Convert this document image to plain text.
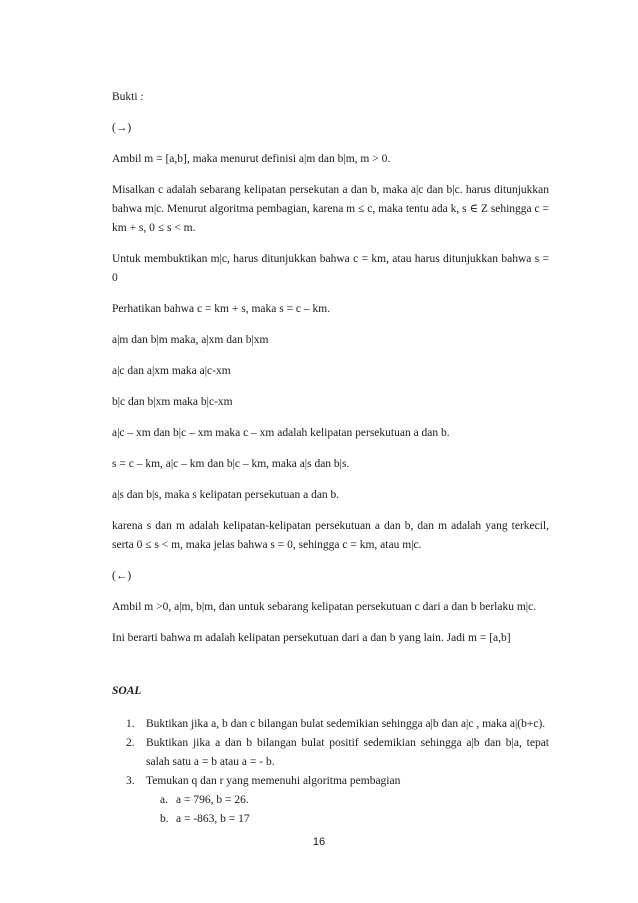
Bukti :

(→)

Ambil m = [a,b], maka menurut definisi a|m dan b|m, m > 0.

Misalkan c adalah sebarang kelipatan persekutan a dan b, maka a|c dan b|c. harus ditunjukkan bahwa m|c. Menurut algoritma pembagian, karena m ≤ c, maka tentu ada k, s ∈ Z sehingga c = km + s, 0 ≤ s < m.

Untuk membuktikan m|c, harus ditunjukkan bahwa c = km, atau harus ditunjukkan bahwa s = 0

Perhatikan bahwa c = km + s, maka s = c – km.

a|m dan b|m maka, a|xm dan b|xm

a|c dan a|xm maka a|c-xm

b|c dan b|xm maka b|c-xm

a|c – xm dan b|c – xm maka c – xm adalah kelipatan persekutuan a dan b.

s = c – km, a|c – km dan b|c – km, maka a|s dan b|s.

a|s dan b|s, maka s kelipatan persekutuan a dan b.

karena s dan m adalah kelipatan-kelipatan persekutuan a dan b, dan m adalah yang terkecil, serta 0 ≤ s < m, maka jelas bahwa s = 0, sehingga c = km, atau m|c.

(←)

Ambil m >0, a|m, b|m, dan untuk sebarang kelipatan persekutuan c dari a dan b berlaku m|c.

Ini berarti bahwa m adalah kelipatan persekutuan dari a dan b yang lain. Jadi m = [a,b]

SOAL

1. Buktikan jika a, b dan c bilangan bulat sedemikian sehingga a|b dan a|c , maka a|(b+c).
2. Buktikan jika a dan b bilangan bulat positif sedemikian sehingga a|b dan b|a, tepat salah satu a = b atau a = - b.
3. Temukan q dan r yang memenuhi algoritma pembagian
a. a = 796, b = 26.
b. a = -863, b = 17
16
